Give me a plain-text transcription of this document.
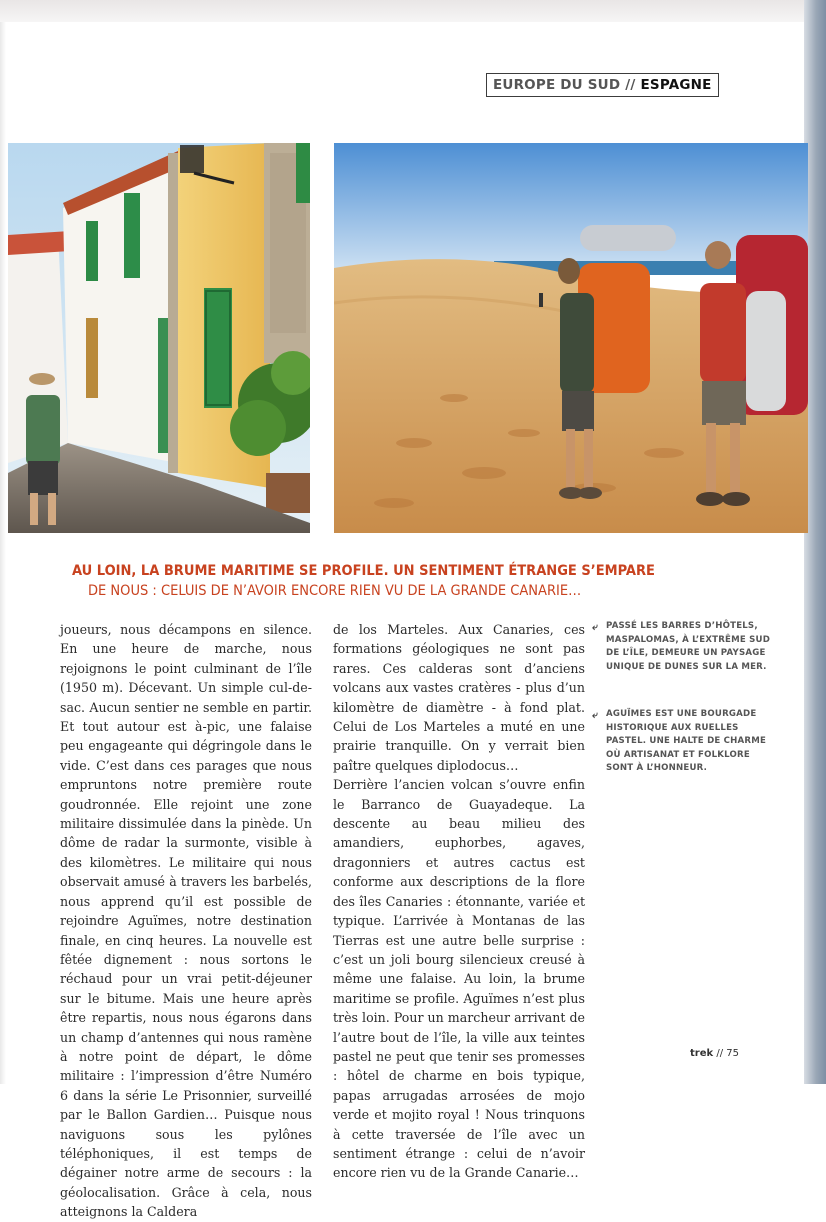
EUROPE DU SUD // ESPAGNE
AU LOIN, LA BRUME MARITIME SE PROFILE. UN SENTIMENT ÉTRANGE S’EMPARE
DE NOUS : CELUIS DE N’AVOIR ENCORE RIEN VU DE LA GRANDE CANARIE…

joueurs, nous décampons en silence. En une heure de marche, nous rejoignons le point culminant de l’île (1950 m). Décevant. Un simple cul-de-sac. Aucun sentier ne semble en partir. Et tout autour est à-pic, une falaise peu engageante qui dégringole dans le vide. C’est dans ces parages que nous empruntons notre première route goudronnée. Elle rejoint une zone militaire dissimulée dans la pinède. Un dôme de radar la surmonte, visible à des kilomètres. Le militaire qui nous observait amusé à travers les barbelés, nous apprend qu’il est possible de rejoindre Aguïmes, notre destination finale, en cinq heures. La nouvelle est fêtée dignement : nous sortons le réchaud pour un vrai petit-déjeuner sur le bitume. Mais une heure après être repartis, nous nous égarons dans un champ d’antennes qui nous ramène à notre point de départ, le dôme militaire : l’impression d’être Numéro 6 dans la série Le Prisonnier, surveillé par le Ballon Gardien… Puisque nous naviguons sous les pylônes téléphoniques, il est temps de dégainer notre arme de secours : la géolocalisation. Grâce à cela, nous atteignons la Caldera

de los Marteles. Aux Canaries, ces formations géologiques ne sont pas rares. Ces calderas sont d’anciens volcans aux vastes cratères - plus d’un kilomètre de diamètre - à fond plat. Celui de Los Marteles a muté en une prairie tranquille. On y verrait bien paître quelques diplodocus…

Derrière l’ancien volcan s’ouvre enfin le Barranco de Guayadeque. La descente au beau milieu des amandiers, euphorbes, agaves, dragonniers et autres cactus est conforme aux descriptions de la flore des îles Canaries : étonnante, variée et typique. L’arrivée à Montanas de las Tierras est une autre belle surprise : c’est un joli bourg silencieux creusé à même une falaise. Au loin, la brume maritime se profile. Aguïmes n’est plus très loin. Pour un marcheur arrivant de l’autre bout de l’île, la ville aux teintes pastel ne peut que tenir ses promesses : hôtel de charme en bois typique, papas arrugadas arrosées de mojo verde et mojito royal ! Nous trinquons à cette traversée de l’île avec un sentiment étrange : celui de n’avoir encore rien vu de la Grande Canarie…

⤶ PASSÉ LES BARRES D’HÔTELS, MASPALOMAS, À L’EXTRÊME SUD DE L’ÎLE, DEMEURE UN PAYSAGE UNIQUE DE DUNES SUR LA MER.
⤶ AGUÏMES EST UNE BOURGADE HISTORIQUE AUX RUELLES PASTEL. UNE HALTE DE CHARME OÙ ARTISANAT ET FOLKLORE SONT À L’HONNEUR.
trek // 75
